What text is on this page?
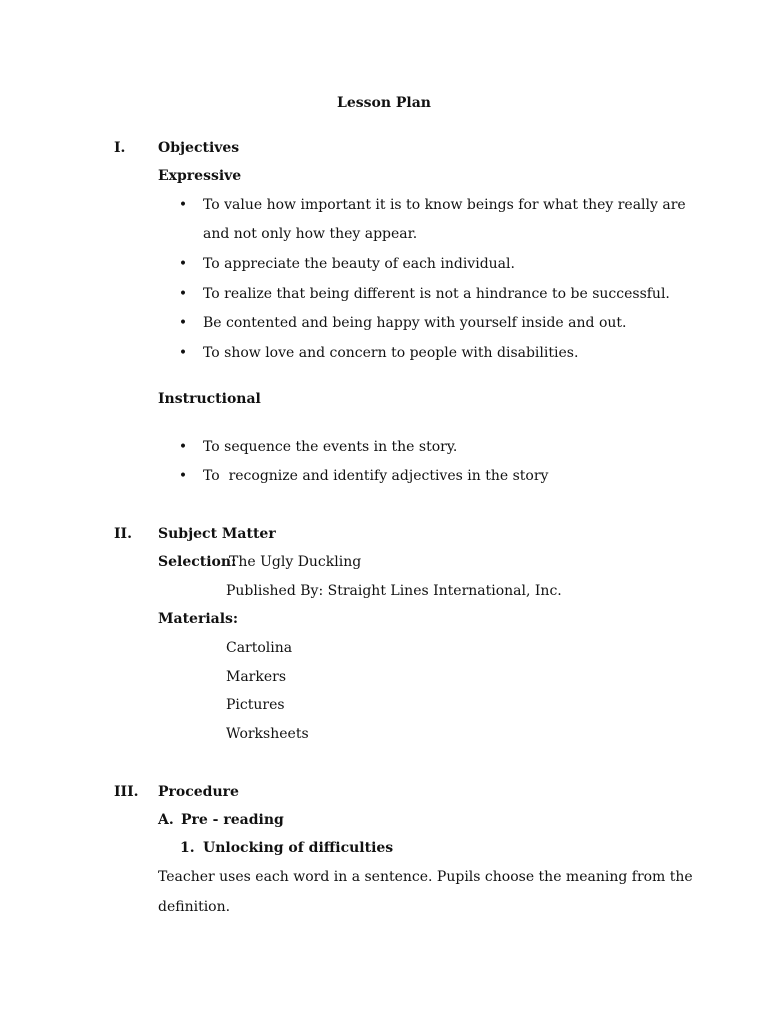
Lesson Plan
I. Objectives
Expressive
• To value how important it is to know beings for what they really are
and not only how they appear.
• To appreciate the beauty of each individual.
• To realize that being different is not a hindrance to be successful.
• Be contented and being happy with yourself inside and out.
• To show love and concern to people with disabilities.
Instructional
• To sequence the events in the story.
• To  recognize and identify adjectives in the story
II. Subject Matter
Selection:
The Ugly Duckling
Published By: Straight Lines International, Inc.
Materials:
Cartolina
Markers
Pictures
Worksheets
III. Procedure
A. Pre - reading
1. Unlocking of difficulties
Teacher uses each word in a sentence. Pupils choose the meaning from the
definition.
